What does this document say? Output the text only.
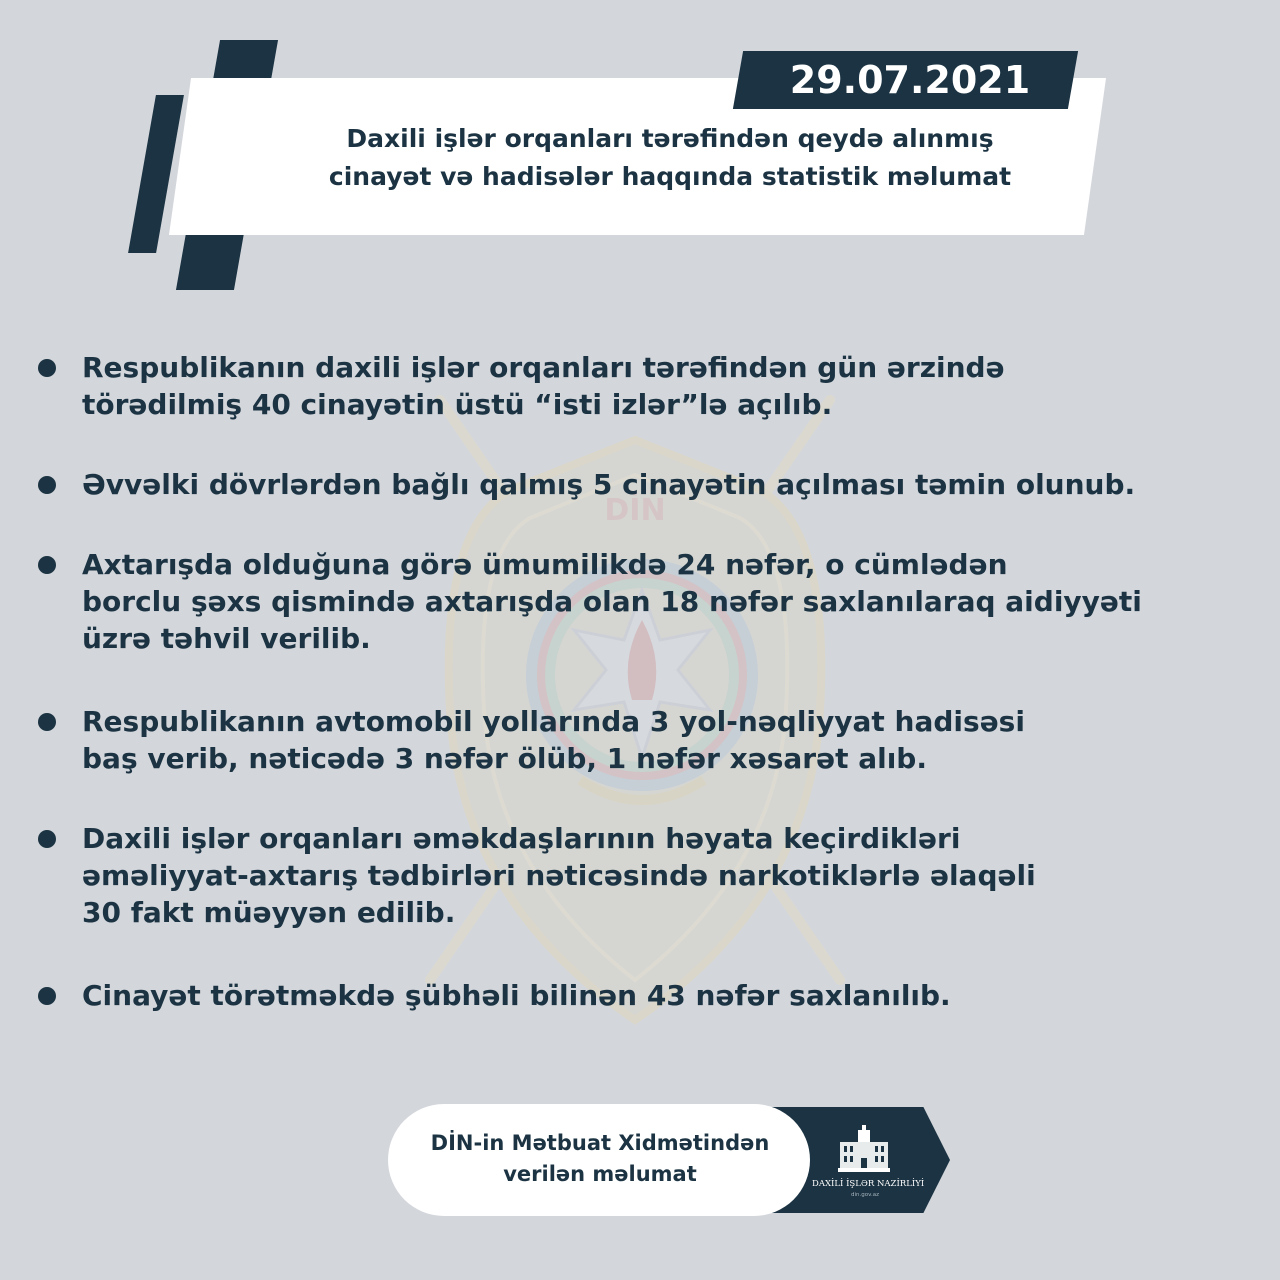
29.07.2021
Daxili işlər orqanları tərəfindən qeydə alınmış
cinayət və hadisələr haqqında statistik məlumat
DİN
Respublikanın daxili işlər orqanları tərəfindən gün ərzində
törədilmiş 40 cinayətin üstü “isti izlər”lə açılıb.
Əvvəlki dövrlərdən bağlı qalmış 5 cinayətin açılması təmin olunub.
Axtarışda olduğuna görə ümumilikdə 24 nəfər, o cümlədən
borclu şəxs qismində axtarışda olan 18 nəfər saxlanılaraq aidiyyəti
üzrə təhvil verilib.
Respublikanın avtomobil yollarında 3 yol-nəqliyyat hadisəsi
baş verib, nəticədə 3 nəfər ölüb, 1 nəfər xəsarət alıb.
Daxili işlər orqanları əməkdaşlarının həyata keçirdikləri
əməliyyat-axtarış tədbirləri nəticəsində narkotiklərlə əlaqəli
30 fakt müəyyən edilib.
Cinayət törətməkdə şübhəli bilinən 43 nəfər saxlanılıb.
DİN-in Mətbuat Xidmətindən
verilən məlumat	DAXİLİ İŞLƏR NAZİRLİYİ
din.gov.az
